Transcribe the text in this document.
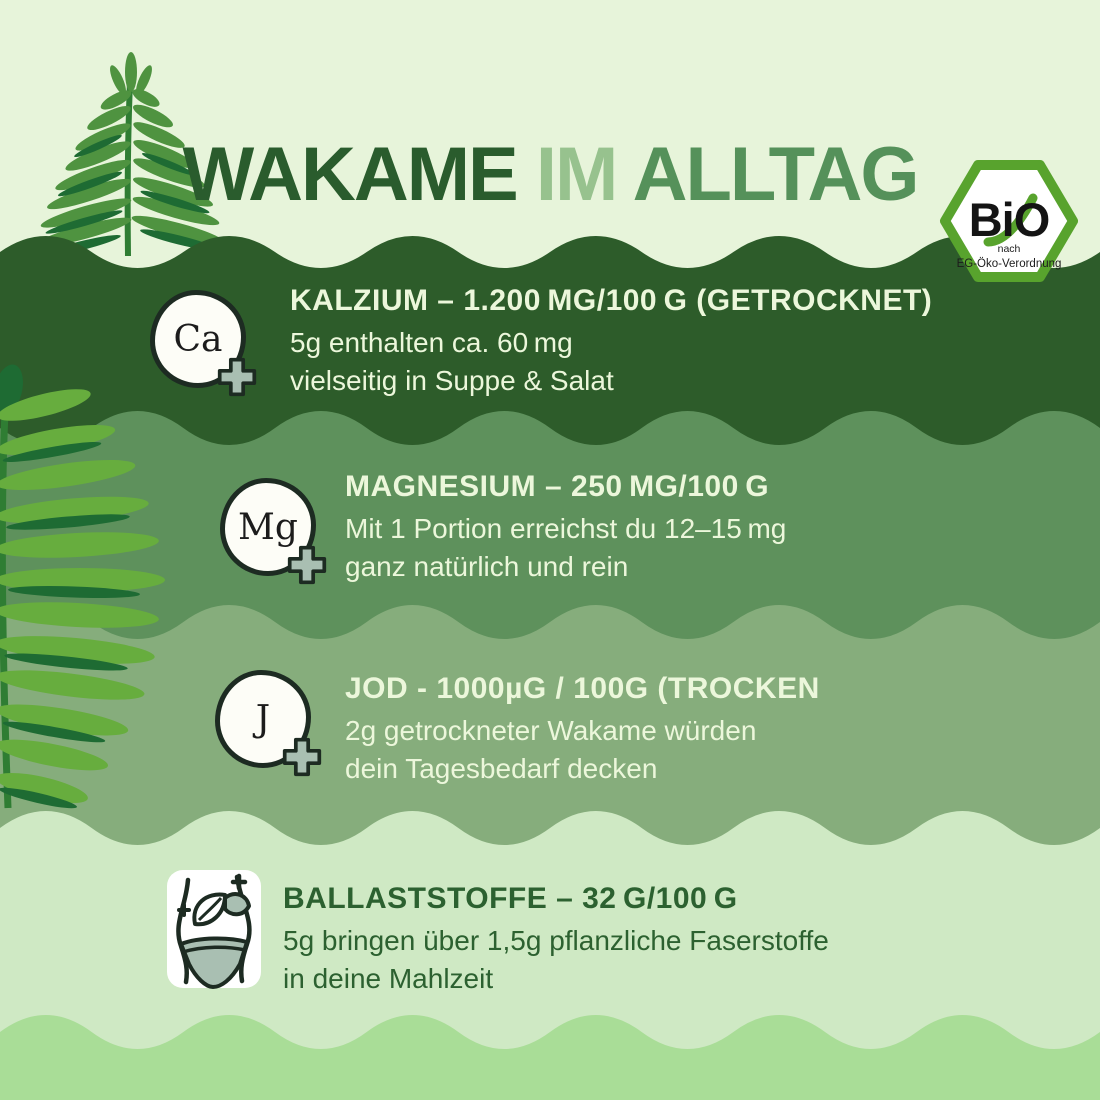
WAKAME IM ALLTAG
BiO
nach
EG-Öko-Verordnung
Ca
KALZIUM – 1.200 MG/100 G (GETROCKNET)

5g enthalten ca. 60 mg

vielseitig in Suppe & Salat

Mg
MAGNESIUM – 250 MG/100 G

Mit 1 Portion erreichst du 12–15 mg

ganz natürlich und rein

J
JOD - 1000µG / 100G (TROCKEN

2g getrockneter Wakame würden

dein Tagesbedarf decken

BALLASTSTOFFE – 32 G/100 G

5g bringen über 1,5g pflanzliche Faserstoffe

in deine Mahlzeit
